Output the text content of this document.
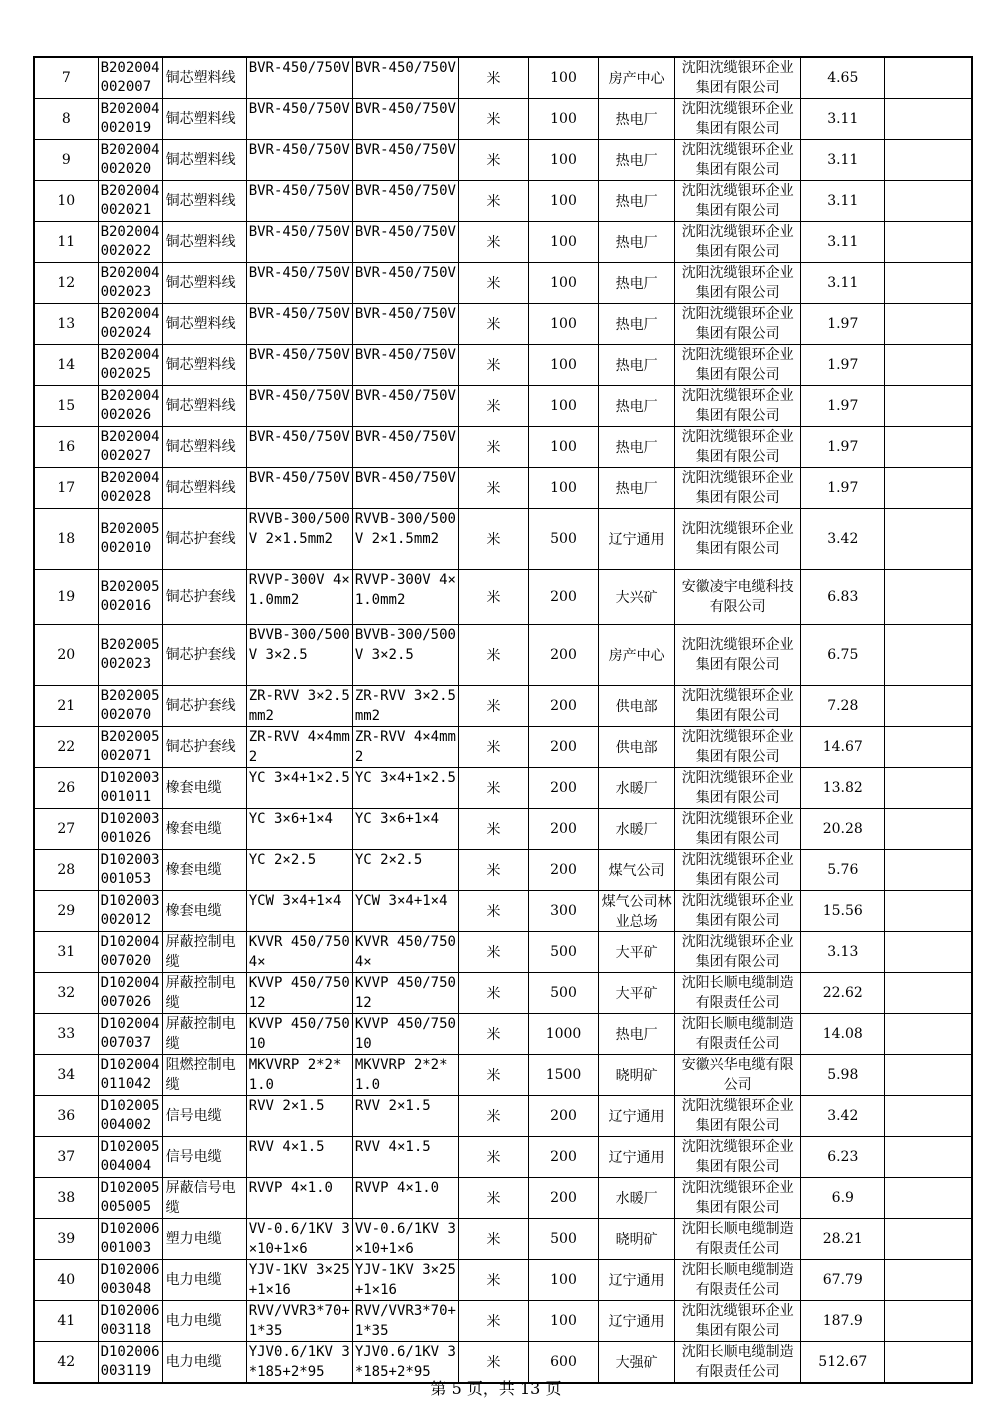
7	B202004002007	铜芯塑料线	BVR-450/750V	BVR-450/750V	米	100	房产中心	沈阳沈缆银环企业集团有限公司	4.65	

8	B202004002019	铜芯塑料线	BVR-450/750V	BVR-450/750V	米	100	热电厂	沈阳沈缆银环企业集团有限公司	3.11	

9	B202004002020	铜芯塑料线	BVR-450/750V	BVR-450/750V	米	100	热电厂	沈阳沈缆银环企业集团有限公司	3.11	

10	B202004002021	铜芯塑料线	BVR-450/750V	BVR-450/750V	米	100	热电厂	沈阳沈缆银环企业集团有限公司	3.11	

11	B202004002022	铜芯塑料线	BVR-450/750V	BVR-450/750V	米	100	热电厂	沈阳沈缆银环企业集团有限公司	3.11	

12	B202004002023	铜芯塑料线	BVR-450/750V	BVR-450/750V	米	100	热电厂	沈阳沈缆银环企业集团有限公司	3.11	

13	B202004002024	铜芯塑料线	BVR-450/750V	BVR-450/750V	米	100	热电厂	沈阳沈缆银环企业集团有限公司	1.97	

14	B202004002025	铜芯塑料线	BVR-450/750V	BVR-450/750V	米	100	热电厂	沈阳沈缆银环企业集团有限公司	1.97	

15	B202004002026	铜芯塑料线	BVR-450/750V	BVR-450/750V	米	100	热电厂	沈阳沈缆银环企业集团有限公司	1.97	

16	B202004002027	铜芯塑料线	BVR-450/750V	BVR-450/750V	米	100	热电厂	沈阳沈缆银环企业集团有限公司	1.97	

17	B202004002028	铜芯塑料线	BVR-450/750V	BVR-450/750V	米	100	热电厂	沈阳沈缆银环企业集团有限公司	1.97	

18	B202005002010	铜芯护套线	RVVB-300/500V 2×1.5mm2	RVVB-300/500V 2×1.5mm2	米	500	辽宁通用	沈阳沈缆银环企业集团有限公司	3.42	

19	B202005002016	铜芯护套线	RVVP-300V 4×1.0mm2	RVVP-300V 4×1.0mm2	米	200	大兴矿	安徽凌宇电缆科技有限公司	6.83	

20	B202005002023	铜芯护套线	BVVB-300/500V 3×2.5	BVVB-300/500V 3×2.5	米	200	房产中心	沈阳沈缆银环企业集团有限公司	6.75	

21	B202005002070	铜芯护套线	ZR-RVV 3×2.5mm2	ZR-RVV 3×2.5mm2	米	200	供电部	沈阳沈缆银环企业集团有限公司	7.28	

22	B202005002071	铜芯护套线	ZR-RVV 4×4mm2	ZR-RVV 4×4mm2	米	200	供电部	沈阳沈缆银环企业集团有限公司	14.67	

26	D102003001011	橡套电缆	YC 3×4+1×2.5	YC 3×4+1×2.5	米	200	水暖厂	沈阳沈缆银环企业集团有限公司	13.82	

27	D102003001026	橡套电缆	YC 3×6+1×4	YC 3×6+1×4	米	200	水暖厂	沈阳沈缆银环企业集团有限公司	20.28	

28	D102003001053	橡套电缆	YC 2×2.5	YC 2×2.5	米	200	煤气公司	沈阳沈缆银环企业集团有限公司	5.76	

29	D102003002012	橡套电缆	YCW 3×4+1×4	YCW 3×4+1×4	米	300	煤气公司林业总场	沈阳沈缆银环企业集团有限公司	15.56	

31	D102004007020	屏蔽控制电缆	KVVR 450/750 4×	KVVR 450/750 4×	米	500	大平矿	沈阳沈缆银环企业集团有限公司	3.13	

32	D102004007026	屏蔽控制电缆	KVVP 450/750 12	KVVP 450/750 12	米	500	大平矿	沈阳长顺电缆制造有限责任公司	22.62	

33	D102004007037	屏蔽控制电缆	KVVP 450/750 10	KVVP 450/750 10	米	1000	热电厂	沈阳长顺电缆制造有限责任公司	14.08	

34	D102004011042	阻燃控制电缆	MKVVRP 2*2*1.0	MKVVRP 2*2*1.0	米	1500	晓明矿	安徽兴华电缆有限公司	5.98	

36	D102005004002	信号电缆	RVV 2×1.5	RVV 2×1.5	米	200	辽宁通用	沈阳沈缆银环企业集团有限公司	3.42	

37	D102005004004	信号电缆	RVV 4×1.5	RVV 4×1.5	米	200	辽宁通用	沈阳沈缆银环企业集团有限公司	6.23	

38	D102005005005	屏蔽信号电缆	RVVP 4×1.0	RVVP 4×1.0	米	200	水暖厂	沈阳沈缆银环企业集团有限公司	6.9	

39	D102006001003	塑力电缆	VV-0.6/1KV 3×10+1×6	VV-0.6/1KV 3×10+1×6	米	500	晓明矿	沈阳长顺电缆制造有限责任公司	28.21	

40	D102006003048	电力电缆	YJV-1KV 3×25+1×16	YJV-1KV 3×25+1×16	米	100	辽宁通用	沈阳长顺电缆制造有限责任公司	67.79	

41	D102006003118	电力电缆	RVV/VVR3*70+1*35	RVV/VVR3*70+1*35	米	100	辽宁通用	沈阳沈缆银环企业集团有限公司	187.9	

42	D102006003119	电力电缆	YJV0.6/1KV 3*185+2*95	YJV0.6/1KV 3*185+2*95	米	600	大强矿	沈阳长顺电缆制造有限责任公司	512.67	

第 5 页，共 13 页
